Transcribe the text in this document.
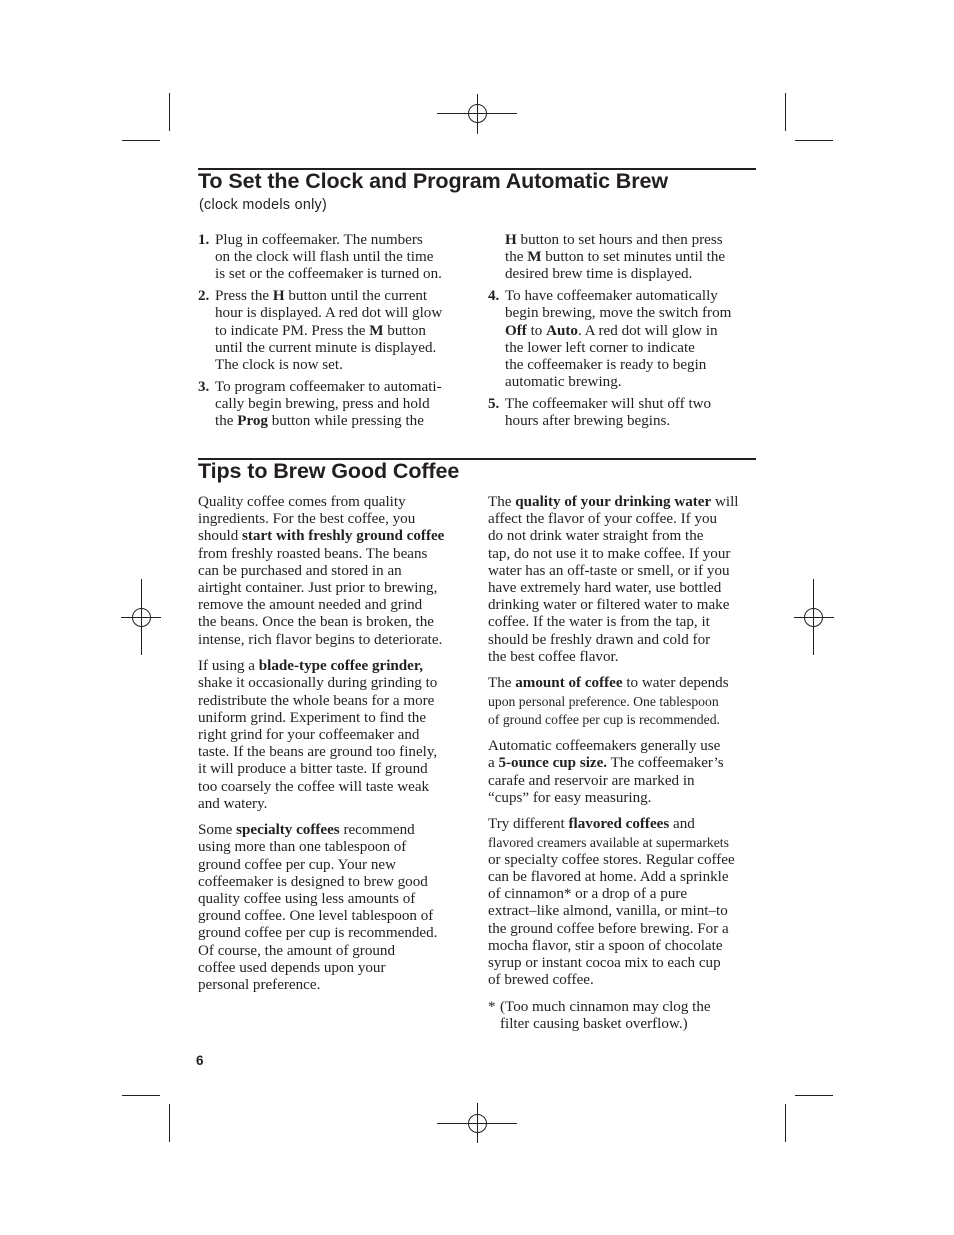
To Set the Clock and Program Automatic Brew
(clock models only)
1. Plug in coffeemaker. The numbers
on the clock will flash until the time
is set or the coffeemaker is turned on.
2. Press the H button until the current
hour is displayed. A red dot will glow
to indicate PM. Press the M button
until the current minute is displayed.
The clock is now set.
3. To program coffeemaker to automati-
cally begin brewing, press and hold
the Prog button while pressing the
H button to set hours and then press
the M button to set minutes until the
desired brew time is displayed.
4. To have coffeemaker automatically
begin brewing, move the switch from
Off to Auto. A red dot will glow in
the lower left corner to indicate
the coffeemaker is ready to begin
automatic brewing.
5. The coffeemaker will shut off two
hours after brewing begins.
Tips to Brew Good Coffee

Quality coffee comes from quality
ingredients. For the best coffee, you
should start with freshly ground coffee
from freshly roasted beans. The beans
can be purchased and stored in an
airtight container. Just prior to brewing,
remove the amount needed and grind
the beans. Once the bean is broken, the
intense, rich flavor begins to deteriorate.

If using a blade-type coffee grinder,
shake it occasionally during grinding to
redistribute the whole beans for a more
uniform grind. Experiment to find the
right grind for your coffeemaker and
taste. If the beans are ground too finely,
it will produce a bitter taste. If ground
too coarsely the coffee will taste weak
and watery.

Some specialty coffees recommend
using more than one tablespoon of
ground coffee per cup. Your new
coffeemaker is designed to brew good
quality coffee using less amounts of
ground coffee. One level tablespoon of
ground coffee per cup is recommended.
Of course, the amount of ground
coffee used depends upon your
personal preference.

The quality of your drinking water will
affect the flavor of your coffee. If you
do not drink water straight from the
tap, do not use it to make coffee. If your
water has an off-taste or smell, or if you
have extremely hard water, use bottled
drinking water or filtered water to make
coffee. If the water is from the tap, it
should be freshly drawn and cold for
the best coffee flavor.

The amount of coffee to water depends
upon personal preference. One tablespoon
of ground coffee per cup is recommended.

Automatic coffeemakers generally use
a 5-ounce cup size. The coffeemaker’s
carafe and reservoir are marked in
“cups” for easy measuring.

Try different flavored coffees and
flavored creamers available at supermarkets
or specialty coffee stores. Regular coffee
can be flavored at home. Add a sprinkle
of cinnamon* or a drop of a pure
extract–like almond, vanilla, or mint–to
the ground coffee before brewing. For a
mocha flavor, stir a spoon of chocolate
syrup or instant cocoa mix to each cup
of brewed coffee.

* (Too much cinnamon may clog the
filter causing basket overflow.)
6
